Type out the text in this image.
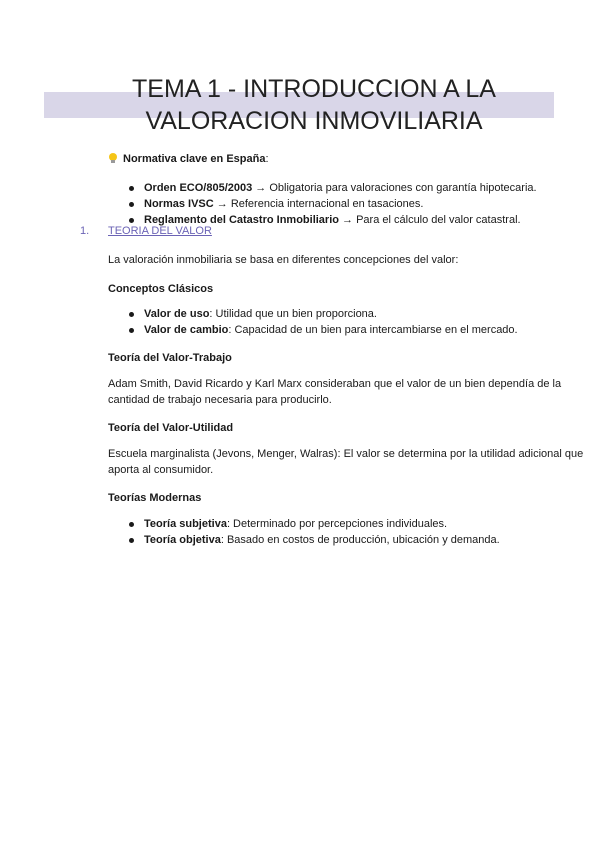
TEMA 1 - INTRODUCCION A LA
VALORACION INMOVILIARIA
Normativa clave en España:
Orden ECO/805/2003 → Obligatoria para valoraciones con garantía hipotecaria.
Normas IVSC → Referencia internacional en tasaciones.
Reglamento del Catastro Inmobiliario → Para el cálculo del valor catastral.
1. TEORIA DEL VALOR
La valoración inmobiliaria se basa en diferentes concepciones del valor:
Conceptos Clásicos
Valor de uso: Utilidad que un bien proporciona.
Valor de cambio: Capacidad de un bien para intercambiarse en el mercado.
Teoría del Valor-Trabajo
Adam Smith, David Ricardo y Karl Marx consideraban que el valor de un bien dependía de la
cantidad de trabajo necesaria para producirlo.
Teoría del Valor-Utilidad
Escuela marginalista (Jevons, Menger, Walras): El valor se determina por la utilidad adicional que
aporta al consumidor.
Teorías Modernas
Teoría subjetiva: Determinado por percepciones individuales.
Teoría objetiva: Basado en costos de producción, ubicación y demanda.
